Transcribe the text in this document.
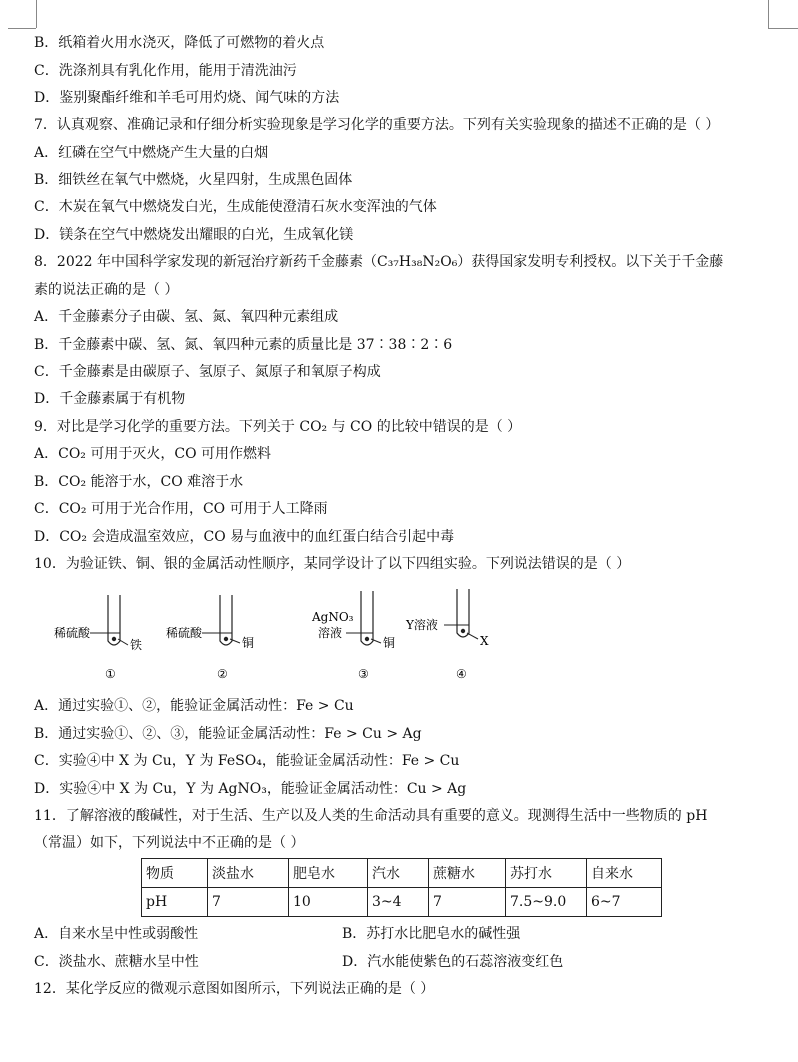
B．纸箱着火用水浇灭，降低了可燃物的着火点
C．洗涤剂具有乳化作用，能用于清洗油污
D．鉴别聚酯纤维和羊毛可用灼烧、闻气味的方法
7．认真观察、准确记录和仔细分析实验现象是学习化学的重要方法。下列有关实验现象的描述不正确的是（ ）
A．红磷在空气中燃烧产生大量的白烟
B．细铁丝在氧气中燃烧，火星四射，生成黑色固体
C．木炭在氧气中燃烧发白光，生成能使澄清石灰水变浑浊的气体
D．镁条在空气中燃烧发出耀眼的白光，生成氧化镁
8．2022 年中国科学家发现的新冠治疗新药千金藤素（C₃₇H₃₈N₂O₆）获得国家发明专利授权。以下关于千金藤
素的说法正确的是（ ）
A．千金藤素分子由碳、氢、氮、氧四种元素组成
B．千金藤素中碳、氢、氮、氧四种元素的质量比是 37∶38∶2∶6
C．千金藤素是由碳原子、氢原子、氮原子和氧原子构成
D．千金藤素属于有机物
9．对比是学习化学的重要方法。下列关于 CO₂ 与 CO 的比较中错误的是（ ）
A．CO₂ 可用于灭火，CO 可用作燃料
B．CO₂ 能溶于水，CO 难溶于水
C．CO₂ 可用于光合作用，CO 可用于人工降雨
D．CO₂ 会造成温室效应，CO 易与血液中的血红蛋白结合引起中毒
10．为验证铁、铜、银的金属活动性顺序，某同学设计了以下四组实验。下列说法错误的是（ ）
稀硫酸
铁
①
稀硫酸
铜
②
AgNO₃
溶液
铜
③
Y溶液
X
④
A．通过实验①、②，能验证金属活动性：Fe > Cu
B．通过实验①、②、③，能验证金属活动性：Fe > Cu > Ag
C．实验④中 X 为 Cu，Y 为 FeSO₄，能验证金属活动性：Fe > Cu
D．实验④中 X 为 Cu，Y 为 AgNO₃，能验证金属活动性：Cu > Ag
11．了解溶液的酸碱性，对于生活、生产以及人类的生命活动具有重要的意义。现测得生活中一些物质的 pH
（常温）如下，下列说法中不正确的是（ ）
物质	淡盐水	肥皂水	汽水	蔗糖水	苏打水	自来水
pH	7	10	3~4	7	7.5~9.0	6~7
A．自来水呈中性或弱酸性	B．苏打水比肥皂水的碱性强
C．淡盐水、蔗糖水呈中性	D．汽水能使紫色的石蕊溶液变红色
12．某化学反应的微观示意图如图所示，下列说法正确的是（ ）
